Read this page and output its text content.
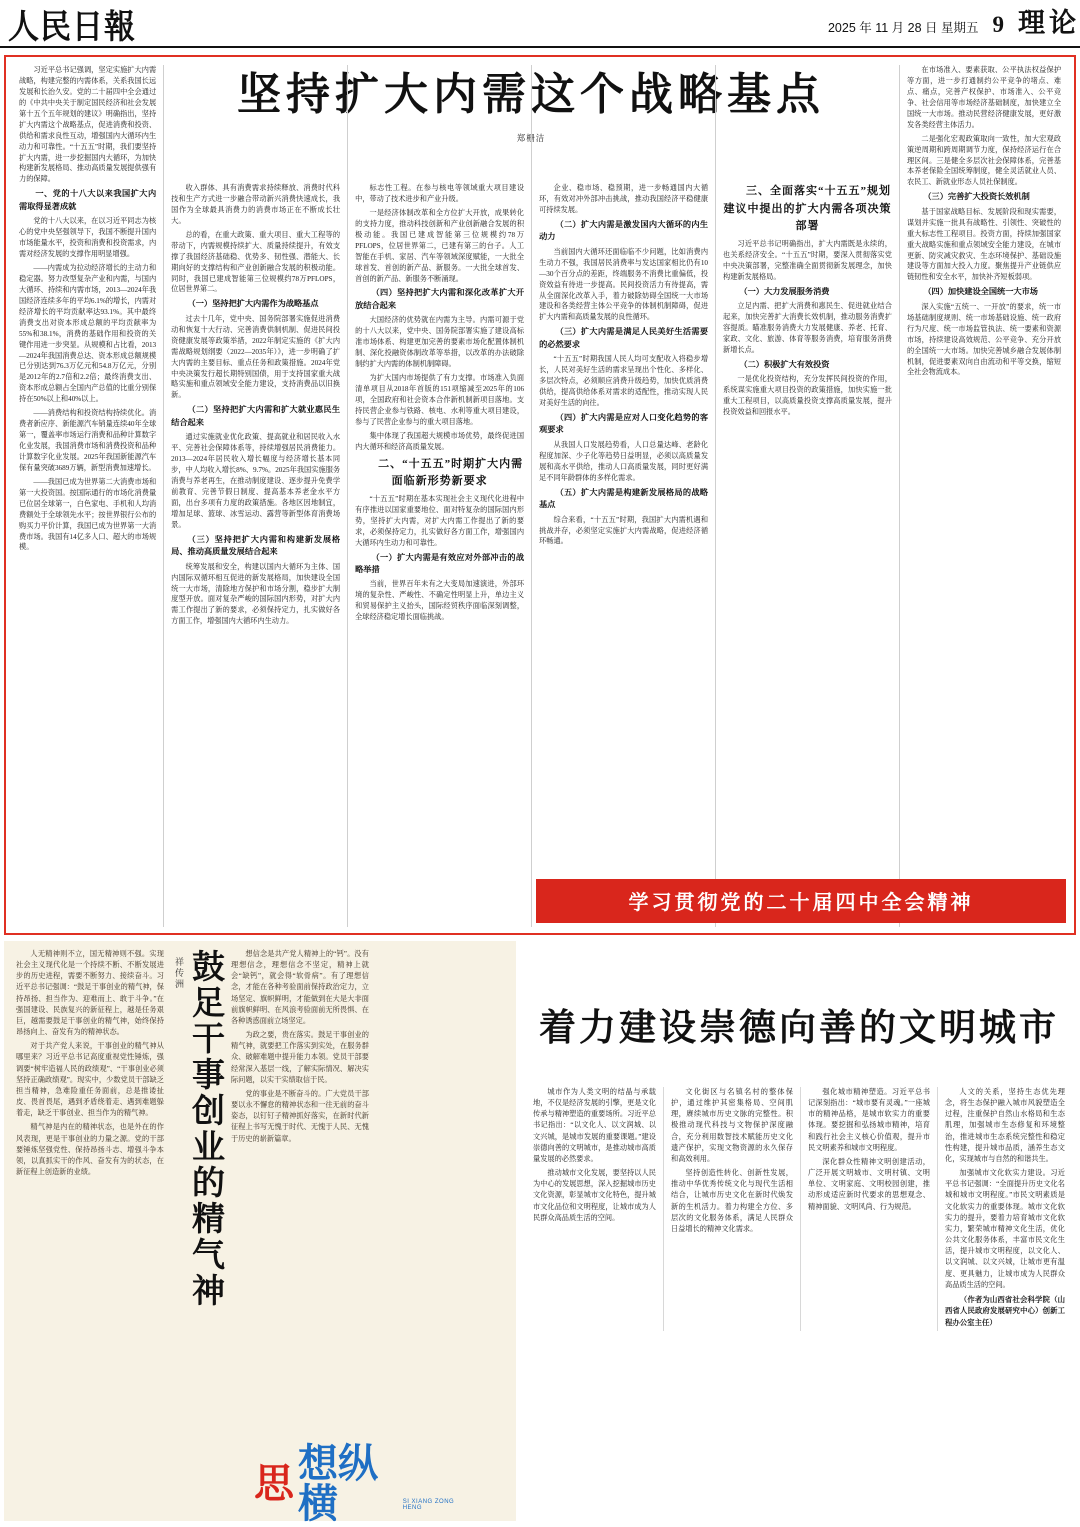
人民日報	2025 年 11 月 28 日 星期五 9 理论
坚持扩大内需这个战略基点
郑栅洁

习近平总书记强调，坚定实施扩大内需战略，构建完整的内需体系，关系我国长远发展和长治久安。党的二十届四中全会通过的《中共中央关于制定国民经济和社会发展第十五个五年规划的建议》明确指出，坚持扩大内需这个战略基点，促进消费和投资、供给和需求良性互动，增强国内大循环内生动力和可靠性。“十五五”时期，我们要坚持扩大内需，进一步挖掘国内大循环，为加快构建新发展格局、推动高质量发展提供强有力的保障。

一、党的十八大以来我国扩大内需取得显著成就

党的十八大以来，在以习近平同志为核心的党中央坚强领导下，我国不断提升国内市场能量水平，投资和消费和投资需求，内需对经济发展的支撑作用明显增强。

——内需成为拉动经济增长的主动力和稳定器。努力改型复杂产业和内需，与国内大循环、持续和内需市场，2013—2024年我国经济连续多年的平均6.1%的增长，内需对经济增长的平均贡献率达93.1%。其中最终消费支出对资本形成总额的平均贡献率为55%和38.1%，消费的基础作用和投资的关键作用进一步突显。从规模和占比看，2013—2024年我国消费总达、资本形成总额规模已分别达到76.3万亿元和54.8万亿元，分别是2012年的2.7倍和2.2倍；最终消费支出、资本形成总额占全国内产总值的比重分别保持在50%以上和40%以上。

——消费结构和投资结构持续优化。消费者新应序、新能源汽车销量连续40年全球第一，覆盖率市场运行消费和品种计算数字化业发展，我国消费市场和消费投资和品种计算数字化业发展。2025年我国新能源汽车保有量突破3689万辆，新型消费加速增长。

——我国已成为世界第二大消费市场和第一大投资国。按国际通行的市场化消费量已位居全球第一，白色家电、手机和人均消费额处于全球领先水平；按世界银行公布的购买力平价计算，我国已成为世界第一大消费市场。我国有14亿多人口、超大的市场规模。

收入群体、具有消费需求持续释放、消费时代科技和生产方式进一步融合带动新兴消费快速成长，我国作为全球最具消费力的消费市场正在不断成长壮大。

总的看，在重大政策、重大项目、重大工程等的带动下，内需规模持续扩大、质量持续提升，有效支撑了我国经济基础稳、优势多、韧性强、潜能大、长期向好的支撑结构和产业创新融合发展的积极动能。同时，我国已建成智能第三位规模约78万PFLOPS，位居世界第二。

（一）坚持把扩大内需作为战略基点

过去十几年，党中央、国务院部署实施促进消费动和恢复十大行动、完善消费供制机制、促进民间投资健康发展等政策举措，2022年制定实施的《扩大内需战略规划纲要（2022—2035年）》，进一步明确了扩大内需的主要目标、重点任务和政策措施。2024年党中央决策发行超长期特别国债，用于支持国家重大战略实施和重点领域安全能力建设，支持消费品以旧换新。

（二）坚持把扩大内需和扩大就业惠民生结合起来

通过实施就业优化政策、提高就业和居民收入水平、完善社会保障体系等，持续增强居民消费能力。2013—2024年居民收入增长幅度与经济增长基本同步，中人均收入增长8%、9.7%。2025年我国实施服务消费与养老再生，在推动制度建设、逐步提升免费学前教育、完善节假日制度、提高基本养老金水平方面，出台多项有力度的政策措施。各地区因地制宜，增加足球、篮球、冰雪运动、露营等新型体育消费场景。

（三）坚持把扩大内需和构建新发展格局、推动高质量发展结合起来

统筹发展和安全，构建以国内大循环为主体、国内国际双循环相互促进的新发展格局，加快建设全国统一大市场，清除地方保护和市场分割，稳步扩大制度型开放。面对复杂严峻的国际国内形势，对扩大内需工作提出了新的要求，必须保持定力，扎实做好各方面工作，增强国内大循环内生动力。

标志性工程。在参与核电等领域重大项目建设中，带动了技术进步和产业升级。

一是经济体制改革和全方位扩大开放，成果转化的支持力度，推动科技创新和产业创新融合发展的积极动能。我国已建成智能第三位规模约78万PFLOPS，位居世界第二，已建有第三的台子。人工智能在手机、家居、汽车等领域深度赋能，一大批全球首发、首创的新产品、新服务。一大批全球首发、首创的新产品、新服务不断涌现。

（四）坚持把扩大内需和深化改革扩大开放结合起来

大国经济的优势就在内需为主导。内需可源于党的十八大以来，党中央、国务院部署实施了建设高标准市场体系、构建更加完善的要素市场化配置体制机制、深化投融资体制改革等举措，以改革的办法破除制约扩大内需的体制机制障碍。

为扩大国内市场提供了有力支撑。市场准入负面清单项目从2018年首版的151项缩减至2025年的106项，全国政府和社会资本合作新机制新项目落地。支持民营企业参与铁路、核电、水利等重大项目建设，参与了民营企业参与的重大项目落地。

集中体现了我国超大规模市场优势，最终促进国内大循环和经济高质量发展。

二、“十五五”时期扩大内需面临新形势新要求

“十五五”时期在基本实现社会主义现代化进程中有序推进以国家重要地位、面对特复杂的国际国内形势，坚持扩大内需，对扩大内需工作提出了新的要求，必须保持定力，扎实做好各方面工作，增强国内大循环内生动力和可靠性。

（一）扩大内需是有效应对外部冲击的战略举措

当前，世界百年未有之大变局加速演进，外部环境的复杂性、严峻性、不确定性明显上升，单边主义和贸易保护主义抬头，国际经贸秩序面临深刻调整，全球经济稳定增长面临挑战。

企业、稳市场、稳预期，进一步畅通国内大循环，有效对冲外部冲击挑战，推动我国经济平稳健康可持续发展。

（二）扩大内需是激发国内大循环的内生动力

当前国内大循环还面临临不少问题，比如消费内生动力不强，我国居民消费率与发达国家相比仍有10—30个百分点的差距，终端服务不消费比重偏低，投资效益有待进一步提高。民间投资活力有待提高，需从全面深化改革入手，着力破除妨碍全国统一大市场建设和各类经营主体公平竞争的体制机制障碍，促进扩大内需和高质量发展的良性循环。

（三）扩大内需是满足人民美好生活需要的必然要求

“十五五”时期我国人民人均可支配收入将稳步增长，人民对美好生活的需求呈现出个性化、多样化、多层次特点，必须顺应消费升级趋势，加快优质消费供给，提高供给体系对需求的适配性，推动实现人民对美好生活的向往。

（四）扩大内需是应对人口变化趋势的客观要求

从我国人口发展趋势看，人口总量达峰、老龄化程度加深、少子化等趋势日益明显，必须以高质量发展和高水平供给，推动人口高质量发展，同时更好满足不同年龄群体的多样化需求。

（五）扩大内需是构建新发展格局的战略基点

综合来看，“十五五”时期，我国扩大内需机遇和挑战并存，必须坚定实施扩大内需战略，促进经济循环畅通。

三、全面落实“十五五”规划建议中提出的扩大内需各项决策部署

习近平总书记明确指出，扩大内需既是永续的，也关系经济安全。“十五五”时期，要深入贯彻落实党中央决策部署，完整准确全面贯彻新发展理念，加快构建新发展格局。

（一）大力发展服务消费

立足内需、把扩大消费和惠民生、促进就业结合起来，加快完善扩大消费长效机制，推动服务消费扩容提质。瞄准服务消费大力发展健康、养老、托育、家政、文化、旅游、体育等服务消费，培育服务消费新增长点。

（二）积极扩大有效投资

一是优化投资结构，充分发挥民间投资的作用，系统谋实施重大项目投资的政策措施，加快实施一批重大工程项目，以高质量投资支撑高质量发展，提升投资效益和回报水平。

在市场准入、要素获取、公平执法权益保护等方面，进一步打通制约公平竞争的堵点、难点、痛点，完善产权保护、市场准入、公平竞争、社会信用等市场经济基础制度，加快建立全国统一大市场。推动民营经济健康发展，更好激发各类经营主体活力。

二是强化宏观政策取向一致性，加大宏观政策逆周期和跨周期调节力度，保持经济运行在合理区间。三是健全多层次社会保障体系，完善基本养老保险全国统筹制度，健全灵活就业人员、农民工、新就业形态人员社保制度。

（三）完善扩大投资长效机制

基于国家战略目标、发展阶段和现实需要，谋划并实施一批具有战略性、引领性、突破性的重大标志性工程项目。投资方面，持续加强国家重大战略实施和重点领域安全能力建设，在城市更新、防灾减灾救灾、生态环境保护、基础设施建设等方面加大投入力度。聚焦提升产业链供应链韧性和安全水平，加快补齐短板弱项。

（四）加快建设全国统一大市场

深入实施“五统一、一开放”的要求，统一市场基础制度规则、统一市场基础设施、统一政府行为尺度、统一市场监管执法、统一要素和资源市场，持续建设高效规范、公平竞争、充分开放的全国统一大市场。加快完善城乡融合发展体制机制，促进要素双向自由流动和平等交换，缩短全社会物流成本。

学习贯彻党的二十届四中全会精神

人无精神则不立，国无精神则不强。实现社会主义现代化是一个持续不断、不断发展进步的历史进程，需要不断努力、接续奋斗。习近平总书记强调：“鼓足干事创业的精气神，保持昂扬、担当作为、迎难而上、敢于斗争。”在强国建设、民族复兴的新征程上，越是任务艰巨，越需要鼓足干事创业的精气神，始终保持昂扬向上、奋发有为的精神状态。

对于共产党人来说，干事创业的精气神从哪里来？习近平总书记高度重视党性锤炼，强调要“树牢造福人民的政绩观”、“干事创业必须坚持正确政绩观”。现实中，少数党员干部缺乏担当精神，急难险重任务面前，总是推诿扯皮、畏首畏尾，遇到矛盾绕着走、遇到难题躲着走，缺乏干事创业、担当作为的精气神。

精气神是内在的精神状态，也是外在的作风表现，更是干事创业的力量之源。党的干部要锤炼坚强党性、保持昂扬斗志、增强斗争本领，以真抓实干的作风、奋发有为的状态，在新征程上创造新的业绩。

祥传洲 鼓足干事创业的精气神	想信念是共产党人精神上的“钙”。没有理想信念，理想信念不坚定，精神上就会“缺钙”，就会得“软骨病”。有了理想信念，才能在各种考验面前保持政治定力，立场坚定、旗帜鲜明，才能做到在大是大非面前旗帜鲜明、在风浪考验面前无所畏惧、在各种诱惑面前立场坚定。

为政之要，贵在落实。鼓足干事创业的精气神，就要把工作落实到实处，在服务群众、破解难题中提升能力本领。党员干部要经常深入基层一线，了解实际情况、解决实际问题，以实干实绩取信于民。

党的事业是不断奋斗的。广大党员干部要以永不懈怠的精神状态和一往无前的奋斗姿态，以钉钉子精神抓好落实，在新时代新征程上书写无愧于时代、无愧于人民、无愧于历史的崭新篇章。

思 想纵横	SI XIANG ZONG HENG
着力建设崇德向善的文明城市

城市作为人类文明的结晶与承载地，不仅是经济发展的引擎，更是文化传承与精神塑造的重要场所。习近平总书记指出：“以文化人、以文润城、以文兴城，是城市发展的重要课题。”建设崇德向善的文明城市，是推动城市高质量发展的必然要求。

推动城市文化发展，要坚持以人民为中心的发展思想，深入挖掘城市历史文化资源，彰显城市文化特色，提升城市文化品位和文明程度，让城市成为人民群众高品质生活的空间。

文化街区与名镇名村的整体保护，通过维护其密集格局、空间肌理，赓续城市历史文脉的完整性。积极推动现代科技与文物保护深度融合，充分利用数智技术赋能历史文化遗产保护，实现文物资源的永久保存和高效利用。

坚持创造性转化、创新性发展，推动中华优秀传统文化与现代生活相结合，让城市历史文化在新时代焕发新的生机活力。着力构建全方位、多层次的文化服务体系，满足人民群众日益增长的精神文化需求。

强化城市精神塑造。习近平总书记深刻指出：“城市要有灵魂。”一座城市的精神品格，是城市软实力的重要体现。要挖掘和弘扬城市精神，培育和践行社会主义核心价值观，提升市民文明素养和城市文明程度。

深化群众性精神文明创建活动，广泛开展文明城市、文明村镇、文明单位、文明家庭、文明校园创建，推动形成适应新时代要求的思想观念、精神面貌、文明风尚、行为规范。

人文的关系，坚持生态优先理念，将生态保护融入城市风貌塑造全过程，注重保护自然山水格局和生态肌理，加强城市生态修复和环境整治，推进城市生态系统完整性和稳定性构建，提升城市品质，涵养生态文化，实现城市与自然的和谐共生。

加强城市文化软实力建设。习近平总书记强调：“全面提升历史文化名城和城市文明程度。”市民文明素质是文化软实力的重要体现。城市文化软实力的提升，要着力培育城市文化软实力，繁荣城市精神文化生活，优化公共文化服务体系，丰富市民文化生活，提升城市文明程度，以文化人、以文润城、以文兴城，让城市更有温度、更具魅力，让城市成为人民群众高品质生活的空间。

（作者为山西省社会科学院（山西省人民政府发展研究中心）创新工程办公室主任）
